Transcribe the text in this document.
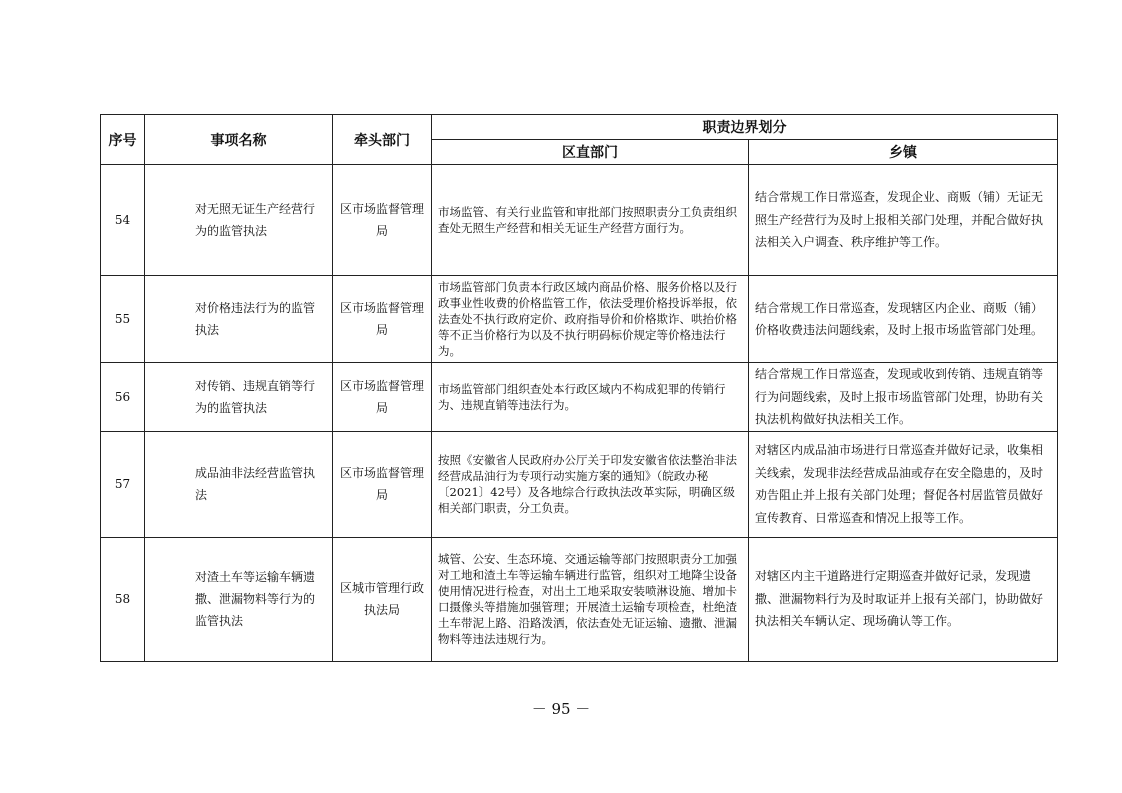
序号	事项名称	牵头部门	职责边界划分	
			区直部门	乡镇
54	对无照无证生产经营行为的监管执法	区市场监督管理局	市场监管、有关行业监管和审批部门按照职责分工负责组织查处无照生产经营和相关无证生产经营方面行为。	结合常规工作日常巡查，发现企业、商贩（铺）无证无照生产经营行为及时上报相关部门处理，并配合做好执法相关入户调查、秩序维护等工作。
55	对价格违法行为的监管执法	区市场监督管理局	市场监管部门负责本行政区域内商品价格、服务价格以及行政事业性收费的价格监管工作，依法受理价格投诉举报，依法查处不执行政府定价、政府指导价和价格欺诈、哄抬价格等不正当价格行为以及不执行明码标价规定等价格违法行为。	结合常规工作日常巡查，发现辖区内企业、商贩（铺）价格收费违法问题线索，及时上报市场监管部门处理。
56	对传销、违规直销等行为的监管执法	区市场监督管理局	市场监管部门组织查处本行政区域内不构成犯罪的传销行为、违规直销等违法行为。	结合常规工作日常巡查，发现或收到传销、违规直销等行为问题线索，及时上报市场监管部门处理，协助有关执法机构做好执法相关工作。
57	成品油非法经营监管执法	区市场监督管理局	按照《安徽省人民政府办公厅关于印发安徽省依法整治非法经营成品油行为专项行动实施方案的通知》（皖政办秘〔2021〕42号）及各地综合行政执法改革实际，明确区级相关部门职责，分工负责。	对辖区内成品油市场进行日常巡查并做好记录，收集相关线索，发现非法经营成品油或存在安全隐患的，及时劝告阻止并上报有关部门处理；督促各村居监管员做好宣传教育、日常巡查和情况上报等工作。
58	对渣土车等运输车辆遗撒、泄漏物料等行为的监管执法	区城市管理行政执法局	城管、公安、生态环境、交通运输等部门按照职责分工加强对工地和渣土车等运输车辆进行监管，组织对工地降尘设备使用情况进行检查，对出土工地采取安装喷淋设施、增加卡口摄像头等措施加强管理；开展渣土运输专项检查，杜绝渣土车带泥上路、沿路泼洒，依法查处无证运输、遗撒、泄漏物料等违法违规行为。	对辖区内主干道路进行定期巡查并做好记录，发现遗撒、泄漏物料行为及时取证并上报有关部门，协助做好执法相关车辆认定、现场确认等工作。
－ 95 －
